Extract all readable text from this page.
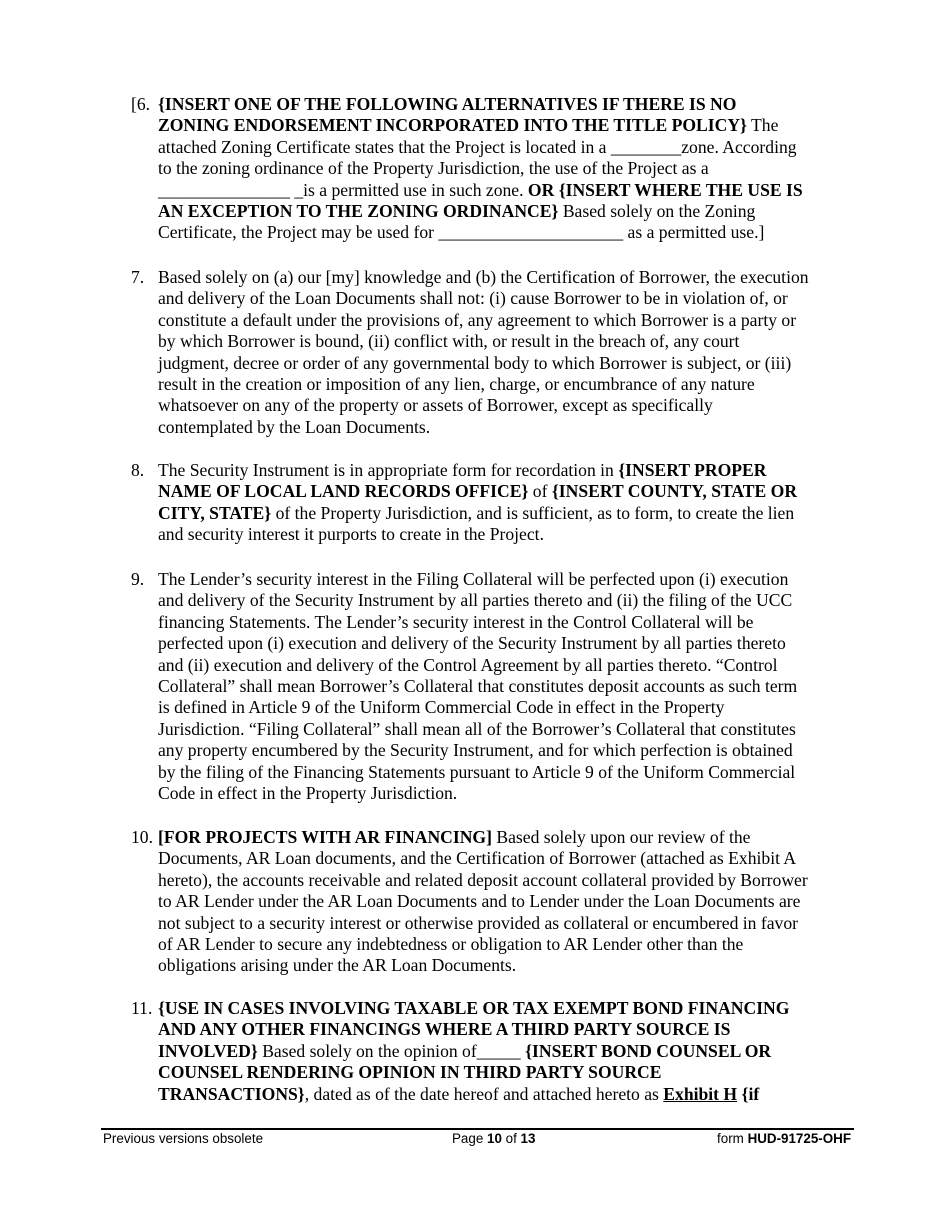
[6. {INSERT ONE OF THE FOLLOWING ALTERNATIVES IF THERE IS NO
ZONING ENDORSEMENT INCORPORATED INTO THE TITLE POLICY} The
attached Zoning Certificate states that the Project is located in a ________zone. According
to the zoning ordinance of the Property Jurisdiction, the use of the Project as a
_______________ _is a permitted use in such zone. OR {INSERT WHERE THE USE IS
AN EXCEPTION TO THE ZONING ORDINANCE} Based solely on the Zoning
Certificate, the Project may be used for _____________________ as a permitted use.]
7. Based solely on (a) our [my] knowledge and (b) the Certification of Borrower, the execution
and delivery of the Loan Documents shall not: (i) cause Borrower to be in violation of, or
constitute a default under the provisions of, any agreement to which Borrower is a party or
by which Borrower is bound, (ii) conflict with, or result in the breach of, any court
judgment, decree or order of any governmental body to which Borrower is subject, or (iii)
result in the creation or imposition of any lien, charge, or encumbrance of any nature
whatsoever on any of the property or assets of Borrower, except as specifically
contemplated by the Loan Documents.
8. The Security Instrument is in appropriate form for recordation in {INSERT PROPER
NAME OF LOCAL LAND RECORDS OFFICE} of {INSERT COUNTY, STATE OR
CITY, STATE} of the Property Jurisdiction, and is sufficient, as to form, to create the lien
and security interest it purports to create in the Project.
9. The Lender’s security interest in the Filing Collateral will be perfected upon (i) execution
and delivery of the Security Instrument by all parties thereto and (ii) the filing of the UCC
financing Statements. The Lender’s security interest in the Control Collateral will be
perfected upon (i) execution and delivery of the Security Instrument by all parties thereto
and (ii) execution and delivery of the Control Agreement by all parties thereto. “Control
Collateral” shall mean Borrower’s Collateral that constitutes deposit accounts as such term
is defined in Article 9 of the Uniform Commercial Code in effect in the Property
Jurisdiction. “Filing Collateral” shall mean all of the Borrower’s Collateral that constitutes
any property encumbered by the Security Instrument, and for which perfection is obtained
by the filing of the Financing Statements pursuant to Article 9 of the Uniform Commercial
Code in effect in the Property Jurisdiction.
10. [FOR PROJECTS WITH AR FINANCING] Based solely upon our review of the
Documents, AR Loan documents, and the Certification of Borrower (attached as Exhibit A
hereto), the accounts receivable and related deposit account collateral provided by Borrower
to AR Lender under the AR Loan Documents and to Lender under the Loan Documents are
not subject to a security interest or otherwise provided as collateral or encumbered in favor
of AR Lender to secure any indebtedness or obligation to AR Lender other than the
obligations arising under the AR Loan Documents.
11. {USE IN CASES INVOLVING TAXABLE OR TAX EXEMPT BOND FINANCING
AND ANY OTHER FINANCINGS WHERE A THIRD PARTY SOURCE IS
INVOLVED} Based solely on the opinion of_____ {INSERT BOND COUNSEL OR
COUNSEL RENDERING OPINION IN THIRD PARTY SOURCE
TRANSACTIONS}, dated as of the date hereof and attached hereto as Exhibit H {if
Previous versions obsolete	Page 10 of 13	form HUD-91725-OHF
